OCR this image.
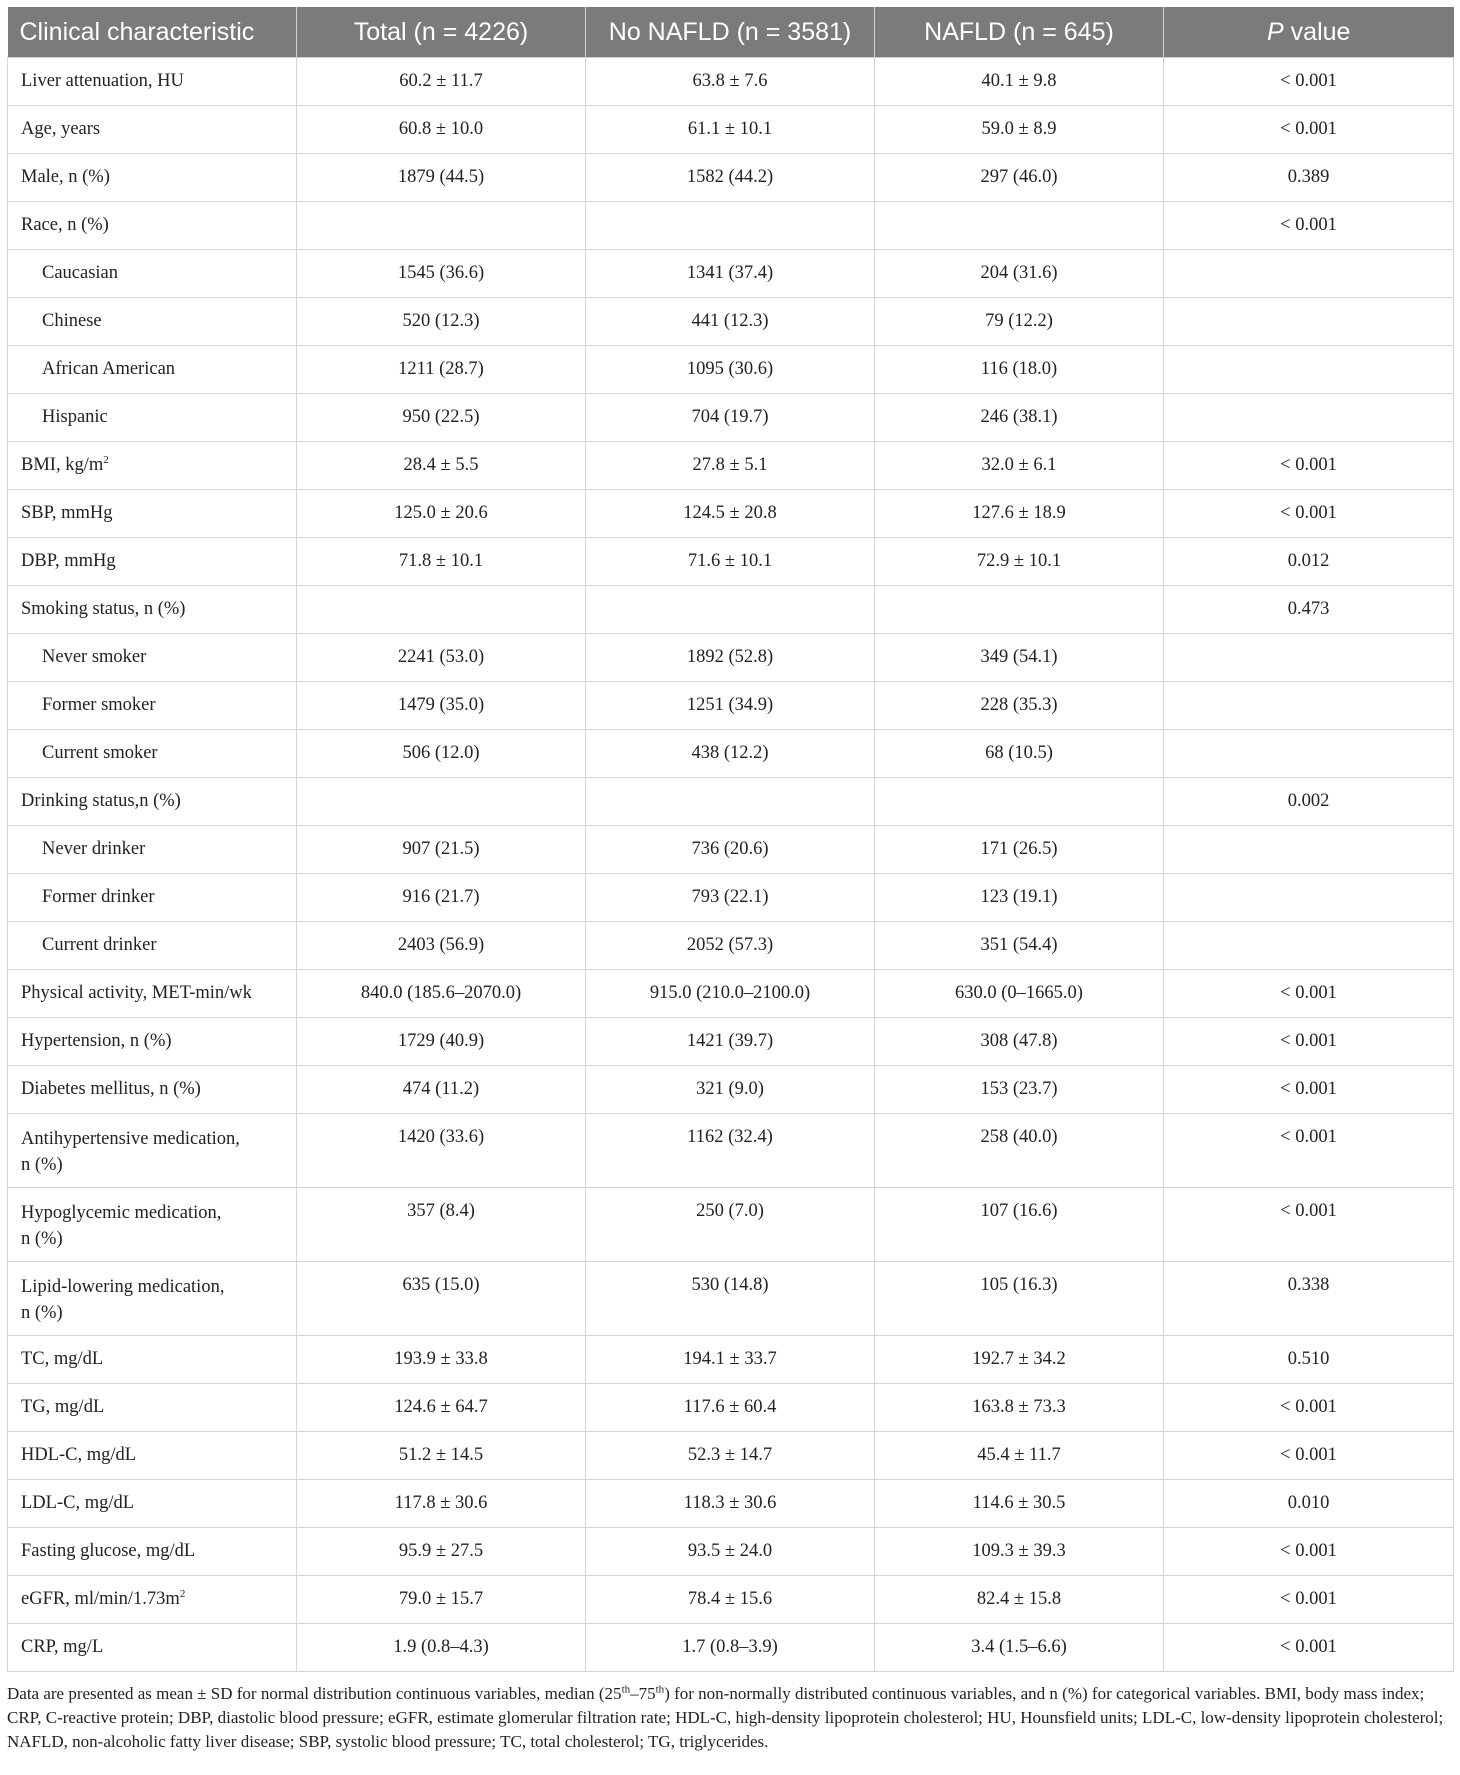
Clinical characteristic	Total (n = 4226)	No NAFLD (n = 3581)	NAFLD (n = 645)	P value
Liver attenuation, HU	60.2 ± 11.7	63.8 ± 7.6	40.1 ± 9.8	< 0.001
Age, years	60.8 ± 10.0	61.1 ± 10.1	59.0 ± 8.9	< 0.001
Male, n (%)	1879 (44.5)	1582 (44.2)	297 (46.0)	0.389
Race, n (%)				< 0.001
Caucasian	1545 (36.6)	1341 (37.4)	204 (31.6)	
Chinese	520 (12.3)	441 (12.3)	79 (12.2)	
African American	1211 (28.7)	1095 (30.6)	116 (18.0)	
Hispanic	950 (22.5)	704 (19.7)	246 (38.1)	
BMI, $kg/m^2$	28.4 ± 5.5	27.8 ± 5.1	32.0 ± 6.1	< 0.001
SBP, mmHg	125.0 ± 20.6	124.5 ± 20.8	127.6 ± 18.9	< 0.001
DBP, mmHg	71.8 ± 10.1	71.6 ± 10.1	72.9 ± 10.1	0.012
Smoking status, n (%)				0.473
Never smoker	2241 (53.0)	1892 (52.8)	349 (54.1)	
Former smoker	1479 (35.0)	1251 (34.9)	228 (35.3)	
Current smoker	506 (12.0)	438 (12.2)	68 (10.5)	
Drinking status,n (%)				0.002
Never drinker	907 (21.5)	736 (20.6)	171 (26.5)	
Former drinker	916 (21.7)	793 (22.1)	123 (19.1)	
Current drinker	2403 (56.9)	2052 (57.3)	351 (54.4)	
Physical activity, MET-min/wk	840.0 (185.6–2070.0)	915.0 (210.0–2100.0)	630.0 (0–1665.0)	< 0.001
Hypertension, n (%)	1729 (40.9)	1421 (39.7)	308 (47.8)	< 0.001
Diabetes mellitus, n (%)	474 (11.2)	321 (9.0)	153 (23.7)	< 0.001
Antihypertensive medication,
n (%)	1420 (33.6)	1162 (32.4)	258 (40.0)	< 0.001
Hypoglycemic medication,
n (%)	357 (8.4)	250 (7.0)	107 (16.6)	< 0.001
Lipid-lowering medication,
n (%)	635 (15.0)	530 (14.8)	105 (16.3)	0.338
TC, mg/dL	193.9 ± 33.8	194.1 ± 33.7	192.7 ± 34.2	0.510
TG, mg/dL	124.6 ± 64.7	117.6 ± 60.4	163.8 ± 73.3	< 0.001
HDL-C, mg/dL	51.2 ± 14.5	52.3 ± 14.7	45.4 ± 11.7	< 0.001
LDL-C, mg/dL	117.8 ± 30.6	118.3 ± 30.6	114.6 ± 30.5	0.010
Fasting glucose, mg/dL	95.9 ± 27.5	93.5 ± 24.0	109.3 ± 39.3	< 0.001
eGFR, $ml/\min/1.73m^2$	79.0 ± 15.7	78.4 ± 15.6	82.4 ± 15.8	< 0.001
CRP, mg/L	1.9 (0.8–4.3)	1.7 (0.8–3.9)	3.4 (1.5–6.6)	< 0.001
Data are presented as mean ± SD for normal distribution continuous variables, median (25th–75th) for non-normally distributed continuous variables, and n (%) for categorical variables. BMI, body mass index; CRP, C-reactive protein; DBP, diastolic blood pressure; eGFR, estimate glomerular filtration rate; HDL-C, high-density lipoprotein cholesterol; HU, Hounsfield units; LDL-C, low-density lipoprotein cholesterol; NAFLD, non-alcoholic fatty liver disease; SBP, systolic blood pressure; TC, total cholesterol; TG, triglycerides.
